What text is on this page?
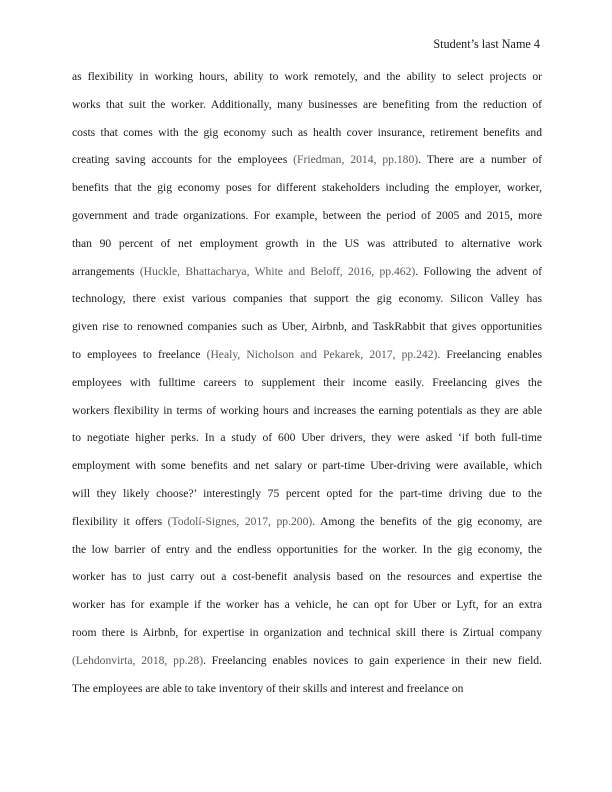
Student’s last Name 4
as flexibility in working hours, ability to work remotely, and the ability to select projects or
works that suit the worker. Additionally, many businesses are benefiting from the reduction of
costs that comes with the gig economy such as health cover insurance, retirement benefits and
creating saving accounts for the employees (Friedman, 2014, pp.180). There are a number of
benefits that the gig economy poses for different stakeholders including the employer, worker,
government and trade organizations. For example, between the period of 2005 and 2015, more
than 90 percent of net employment growth in the US was attributed to alternative work
arrangements (Huckle, Bhattacharya, White and Beloff, 2016, pp.462). Following the advent of
technology, there exist various companies that support the gig economy. Silicon Valley has
given rise to renowned companies such as Uber, Airbnb, and TaskRabbit that gives opportunities
to employees to freelance (Healy, Nicholson and Pekarek, 2017, pp.242). Freelancing enables
employees with fulltime careers to supplement their income easily. Freelancing gives the
workers flexibility in terms of working hours and increases the earning potentials as they are able
to negotiate higher perks. In a study of 600 Uber drivers, they were asked ‘if both full-time
employment with some benefits and net salary or part-time Uber-driving were available, which
will they likely choose?’ interestingly 75 percent opted for the part-time driving due to the
flexibility it offers (Todolí-Signes, 2017, pp.200). Among the benefits of the gig economy, are
the low barrier of entry and the endless opportunities for the worker. In the gig economy, the
worker has to just carry out a cost-benefit analysis based on the resources and expertise the
worker has for example if the worker has a vehicle, he can opt for Uber or Lyft, for an extra
room there is Airbnb, for expertise in organization and technical skill there is Zirtual company
(Lehdonvirta, 2018, pp.28). Freelancing enables novices to gain experience in their new field.
The employees are able to take inventory of their skills and interest and freelance on
